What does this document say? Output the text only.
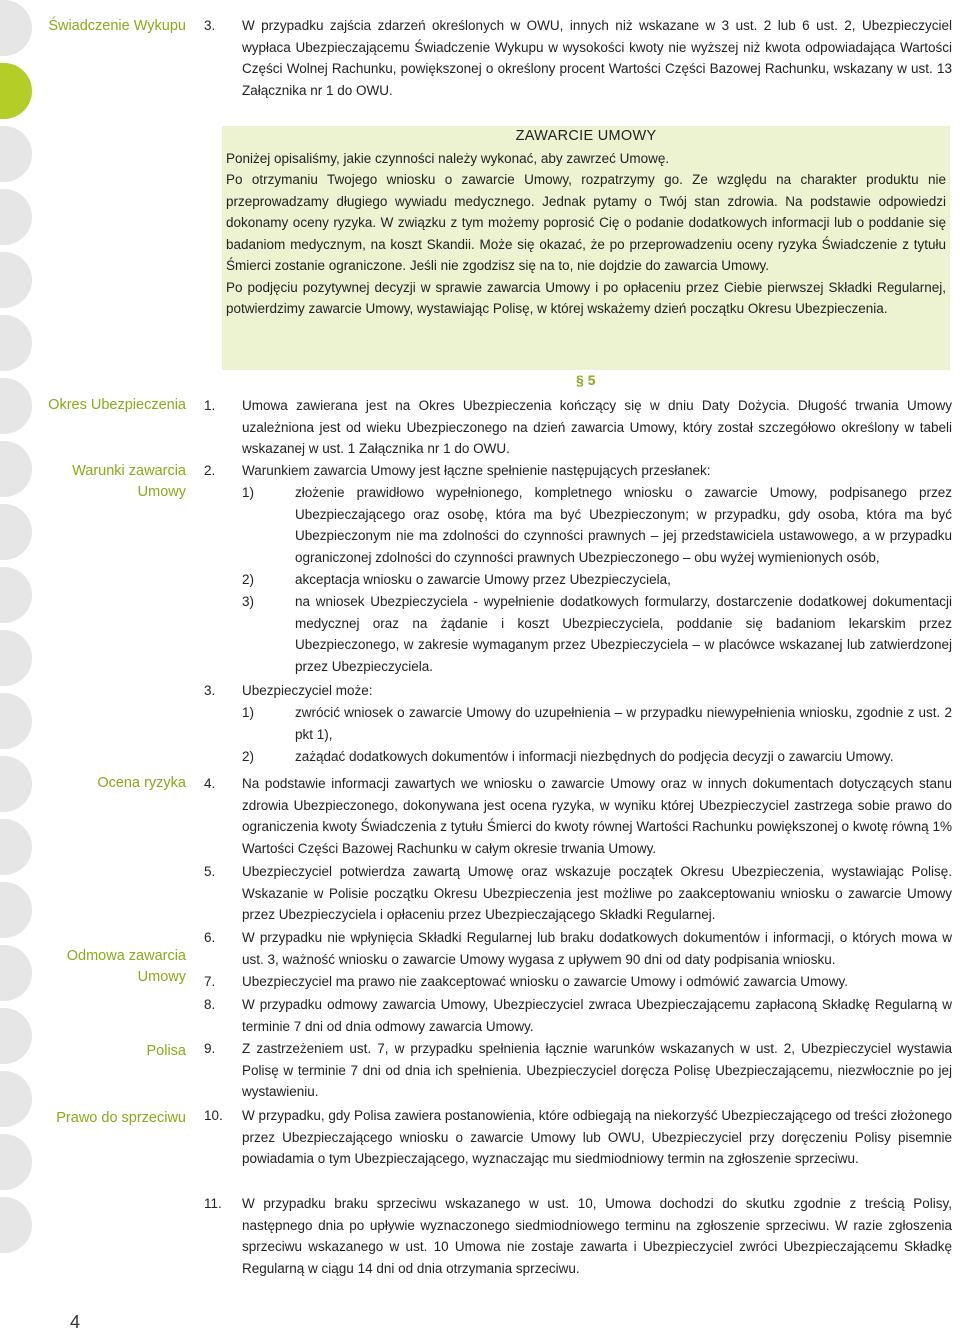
Świadczenie Wykupu
Okres Ubezpieczenia
Warunki zawarcia Umowy
Ocena ryzyka
Odmowa zawarcia Umowy
Polisa
Prawo do sprzeciwu
4
3. W przypadku zajścia zdarzeń określonych w OWU, innych niż wskazane w 3 ust. 2 lub 6 ust. 2, Ubezpieczyciel wypłaca Ubezpieczającemu Świadczenie Wykupu w wysokości kwoty nie wyższej niż kwota odpowiadająca Wartości Części Wolnej Rachunku, powiększonej o określony procent Wartości Części Bazowej Rachunku, wskazany w ust. 13 Załącznika nr 1 do OWU.
ZAWARCIE UMOWY
Poniżej opisaliśmy, jakie czynności należy wykonać, aby zawrzeć Umowę.
Po otrzymaniu Twojego wniosku o zawarcie Umowy, rozpatrzymy go. Ze względu na charakter produktu nie przeprowadzamy długiego wywiadu medycznego. Jednak pytamy o Twój stan zdrowia. Na podstawie odpowiedzi dokonamy oceny ryzyka. W związku z tym możemy poprosić Cię o podanie dodatkowych informacji lub o poddanie się badaniom medycznym, na koszt Skandii. Może się okazać, że po przeprowadzeniu oceny ryzyka Świadczenie z tytułu Śmierci zostanie ograniczone. Jeśli nie zgodzisz się na to, nie dojdzie do zawarcia Umowy.
Po podjęciu pozytywnej decyzji w sprawie zawarcia Umowy i po opłaceniu przez Ciebie pierwszej Składki Regularnej, potwierdzimy zawarcie Umowy, wystawiając Polisę, w której wskażemy dzień początku Okresu Ubezpieczenia.
§ 5
1. Umowa zawierana jest na Okres Ubezpieczenia kończący się w dniu Daty Dożycia. Długość trwania Umowy uzależniona jest od wieku Ubezpieczonego na dzień zawarcia Umowy, który został szczegółowo określony w tabeli wskazanej w ust. 1 Załącznika nr 1 do OWU.
2. Warunkiem zawarcia Umowy jest łączne spełnienie następujących przesłanek:
1)	złożenie prawidłowo wypełnionego, kompletnego wniosku o zawarcie Umowy, podpisanego przez Ubezpieczającego oraz osobę, która ma być Ubezpieczonym; w przypadku, gdy osoba, która ma być Ubezpieczonym nie ma zdolności do czynności prawnych – jej przedstawiciela ustawowego, a w przypadku ograniczonej zdolności do czynności prawnych Ubezpieczonego – obu wyżej wymienionych osób,
2)	akceptacja wniosku o zawarcie Umowy przez Ubezpieczyciela,
3)	na wniosek Ubezpieczyciela - wypełnienie dodatkowych formularzy, dostarczenie dodatkowej dokumentacji medycznej oraz na żądanie i koszt Ubezpieczyciela, poddanie się badaniom lekarskim przez Ubezpieczonego, w zakresie wymaganym przez Ubezpieczyciela – w placówce wskazanej lub zatwierdzonej przez Ubezpieczyciela.
3. Ubezpieczyciel może:
1)	zwrócić wniosek o zawarcie Umowy do uzupełnienia – w przypadku niewypełnienia wniosku, zgodnie z ust. 2 pkt 1),
2)	zażądać dodatkowych dokumentów i informacji niezbędnych do podjęcia decyzji o zawarciu Umowy.
4. Na podstawie informacji zawartych we wniosku o zawarcie Umowy oraz w innych dokumentach dotyczących stanu zdrowia Ubezpieczonego, dokonywana jest ocena ryzyka, w wyniku której Ubezpieczyciel zastrzega sobie prawo do ograniczenia kwoty Świadczenia z tytułu Śmierci do kwoty równej Wartości Rachunku powiększonej o kwotę równą 1% Wartości Części Bazowej Rachunku w całym okresie trwania Umowy.
5. Ubezpieczyciel potwierdza zawartą Umowę oraz wskazuje początek Okresu Ubezpieczenia, wystawiając Polisę. Wskazanie w Polisie początku Okresu Ubezpieczenia jest możliwe po zaakceptowaniu wniosku o zawarcie Umowy przez Ubezpieczyciela i opłaceniu przez Ubezpieczającego Składki Regularnej.
6. W przypadku nie wpłynięcia Składki Regularnej lub braku dodatkowych dokumentów i informacji, o których mowa w ust. 3, ważność wniosku o zawarcie Umowy wygasa z upływem 90 dni od daty podpisania wniosku.
7. Ubezpieczyciel ma prawo nie zaakceptować wniosku o zawarcie Umowy i odmówić zawarcia Umowy.
8. W przypadku odmowy zawarcia Umowy, Ubezpieczyciel zwraca Ubezpieczającemu zapłaconą Składkę Regularną w terminie 7 dni od dnia odmowy zawarcia Umowy.
9. Z zastrzeżeniem ust. 7, w przypadku spełnienia łącznie warunków wskazanych w ust. 2, Ubezpieczyciel wystawia Polisę w terminie 7 dni od dnia ich spełnienia. Ubezpieczyciel doręcza Polisę Ubezpieczającemu, niezwłocznie po jej wystawieniu.
10. W przypadku, gdy Polisa zawiera postanowienia, które odbiegają na niekorzyść Ubezpieczającego od treści złożonego przez Ubezpieczającego wniosku o zawarcie Umowy lub OWU, Ubezpieczyciel przy doręczeniu Polisy pisemnie powiadamia o tym Ubezpieczającego, wyznaczając mu siedmiodniowy termin na zgłoszenie sprzeciwu.
11. W przypadku braku sprzeciwu wskazanego w ust. 10, Umowa dochodzi do skutku zgodnie z treścią Polisy, następnego dnia po upływie wyznaczonego siedmiodniowego terminu na zgłoszenie sprzeciwu. W razie zgłoszenia sprzeciwu wskazanego w ust. 10 Umowa nie zostaje zawarta i Ubezpieczyciel zwróci Ubezpieczającemu Składkę Regularną w ciągu 14 dni od dnia otrzymania sprzeciwu.
